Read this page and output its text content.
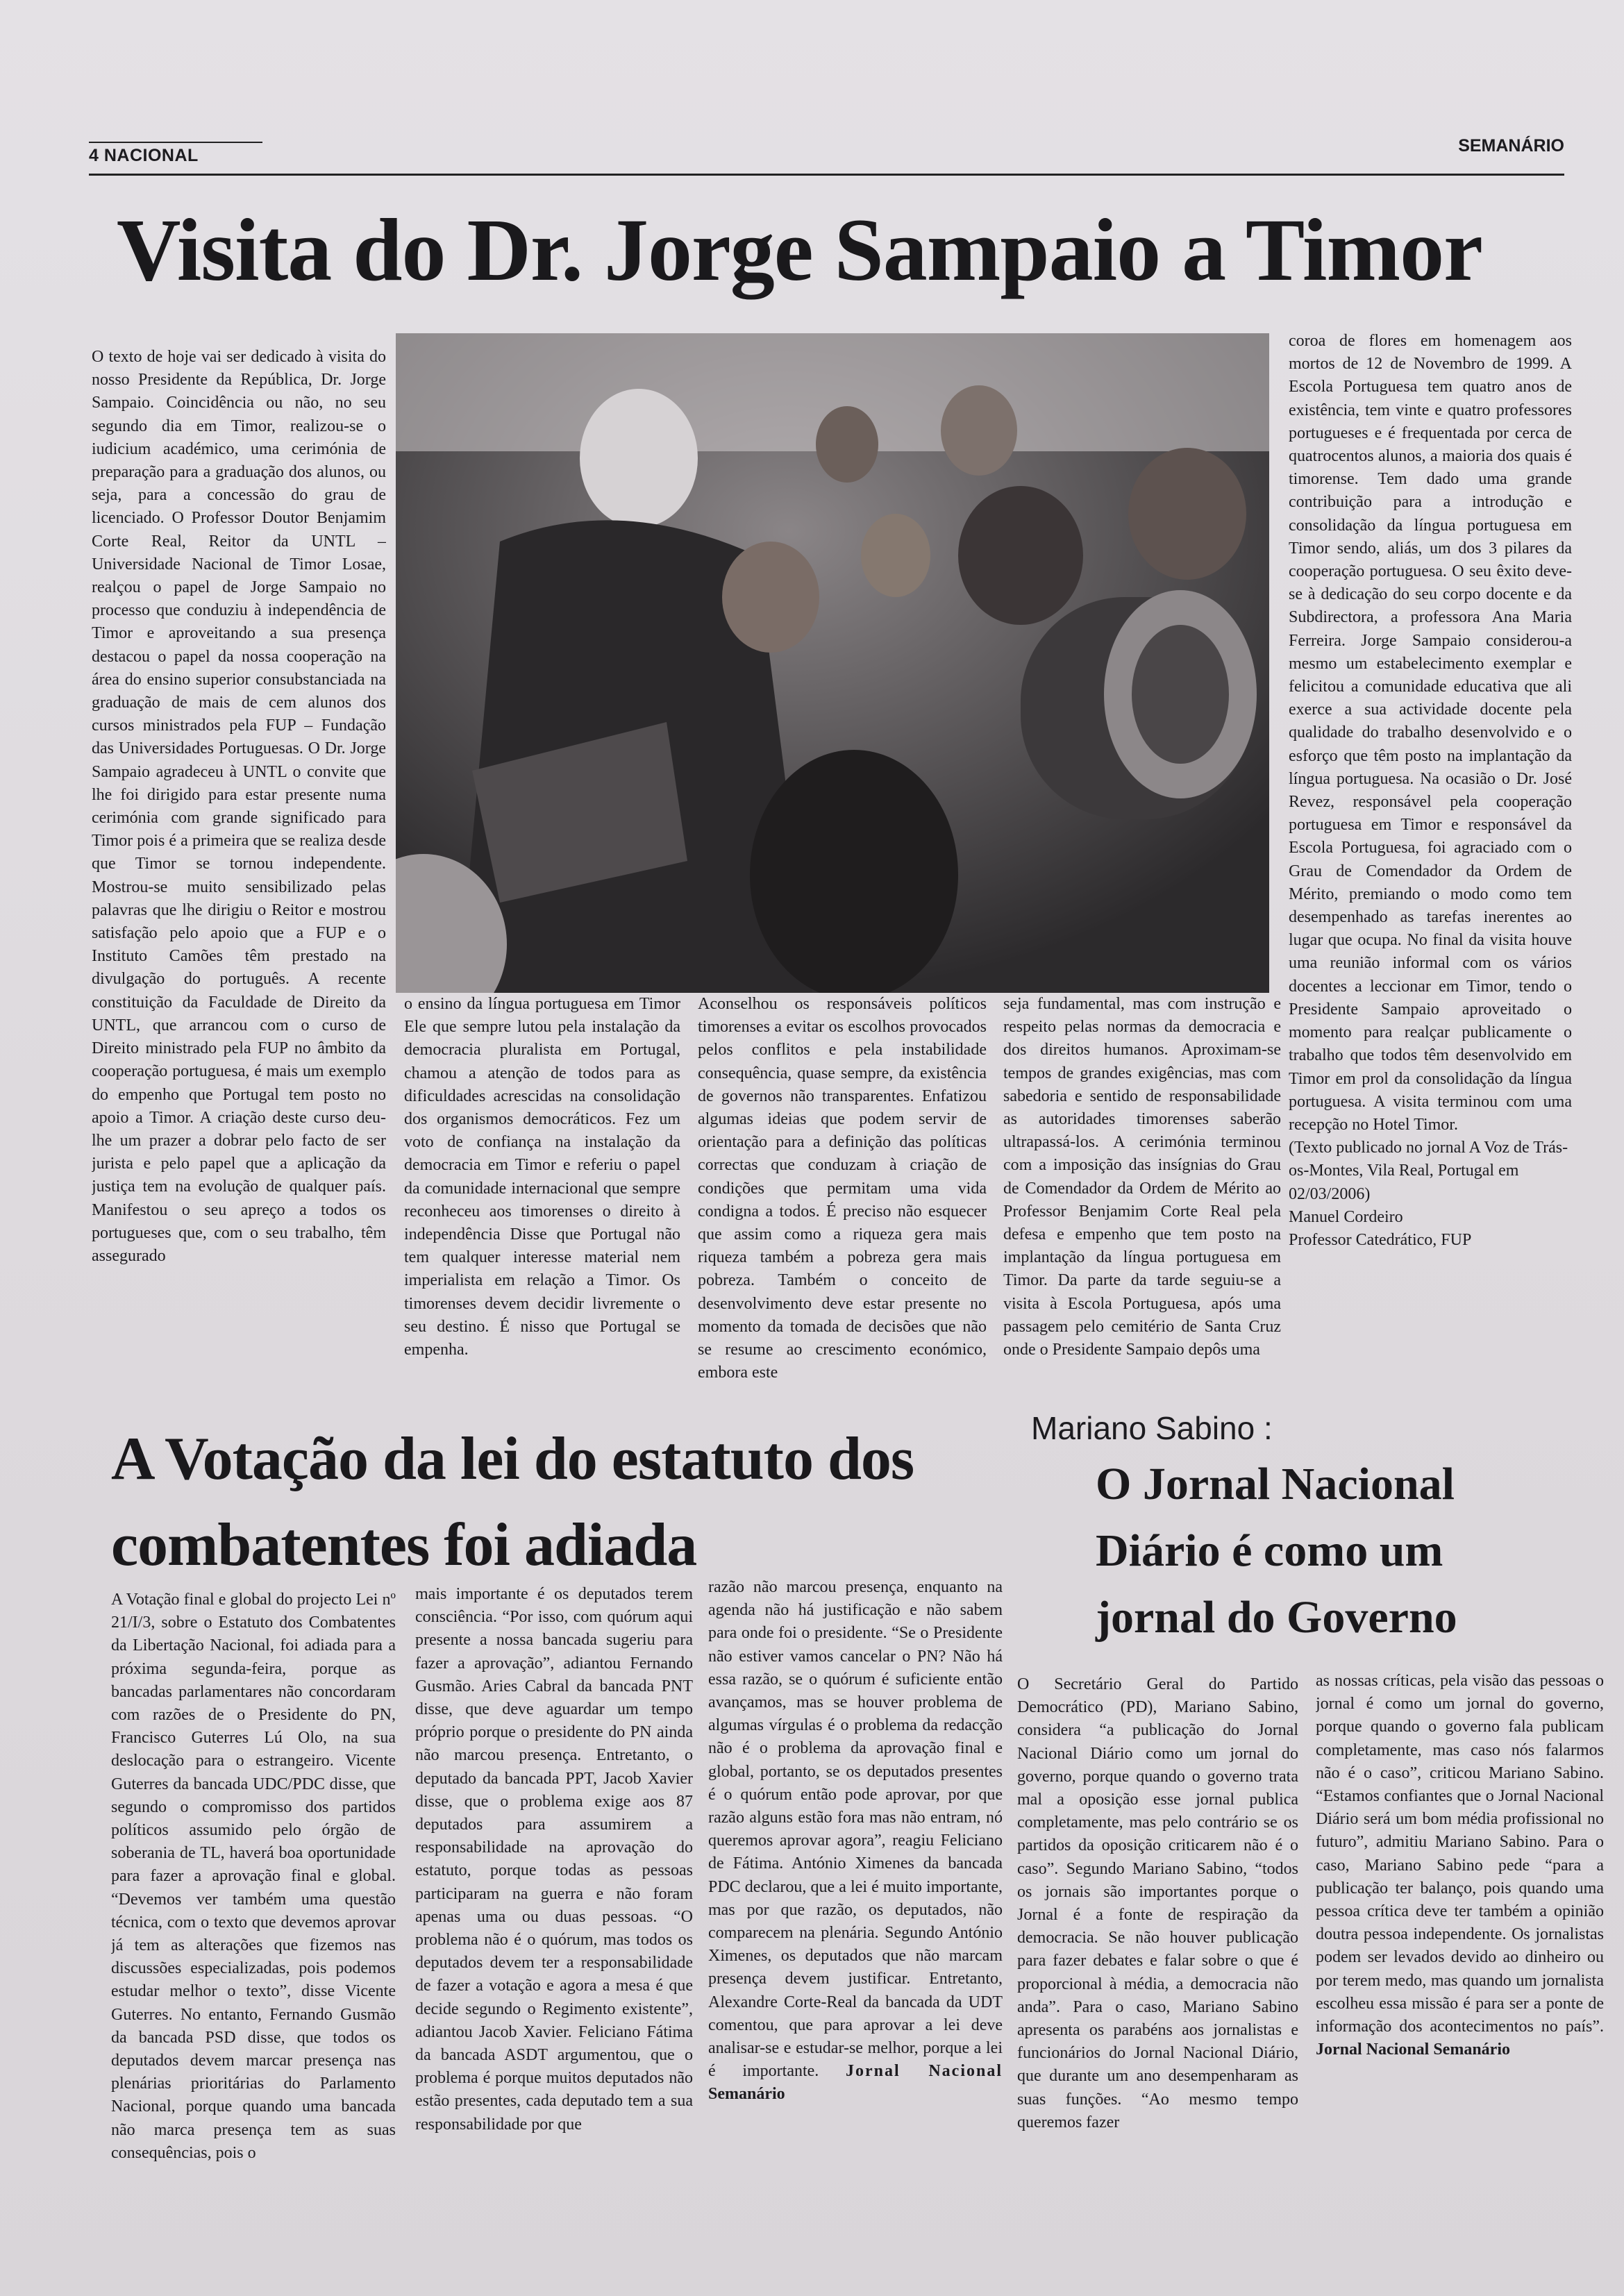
4 NACIONAL	SEMANÁRIO
Visita do Dr. Jorge Sampaio a Timor

O texto de hoje vai ser dedicado à visita do nosso Presidente da República, Dr. Jorge Sampaio. Coincidência ou não, no seu segundo dia em Timor, realizou-se o iudicium académico, uma cerimónia de preparação para a graduação dos alunos, ou seja, para a concessão do grau de licenciado. O Professor Doutor Benjamim Corte Real, Reitor da UNTL – Universidade Nacional de Timor Losae, realçou o papel de Jorge Sampaio no processo que conduziu à independência de Timor e aproveitando a sua presença destacou o papel da nossa cooperação na área do ensino superior consubstanciada na graduação de mais de cem alunos dos cursos ministrados pela FUP – Fundação das Universidades Portuguesas. O Dr. Jorge Sampaio agradeceu à UNTL o convite que lhe foi dirigido para estar presente numa cerimónia com grande significado para Timor pois é a primeira que se realiza desde que Timor se tornou independente. Mostrou-se muito sensibilizado pelas palavras que lhe dirigiu o Reitor e mostrou satisfação pelo apoio que a FUP e o Instituto Camões têm prestado na divulgação do português. A recente constituição da Faculdade de Direito da UNTL, que arrancou com o curso de Direito ministrado pela FUP no âmbito da cooperação portuguesa, é mais um exemplo do empenho que Portugal tem posto no apoio a Timor. A criação deste curso deu-lhe um prazer a dobrar pelo facto de ser jurista e pelo papel que a aplicação da justiça tem na evolução de qualquer país. Manifestou o seu apreço a todos os portugueses que, com o seu trabalho, têm assegurado

o ensino da língua portuguesa em Timor Ele que sempre lutou pela instalação da democracia pluralista em Portugal, chamou a atenção de todos para as dificuldades acrescidas na consolidação dos organismos democráticos. Fez um voto de confiança na instalação da democracia em Timor e referiu o papel da comunidade internacional que sempre reconheceu aos timorenses o direito à independência Disse que Portugal não tem qualquer interesse material nem imperialista em relação a Timor. Os timorenses devem decidir livremente o seu destino. É nisso que Portugal se empenha.

Aconselhou os responsáveis políticos timorenses a evitar os escolhos provocados pelos conflitos e pela instabilidade consequência, quase sempre, da existência de governos não transparentes. Enfatizou algumas ideias que podem servir de orientação para a definição das políticas correctas que conduzam à criação de condições que permitam uma vida condigna a todos. É preciso não esquecer que assim como a riqueza gera mais riqueza também a pobreza gera mais pobreza. Também o conceito de desenvolvimento deve estar presente no momento da tomada de decisões que não se resume ao crescimento económico, embora este

seja fundamental, mas com instrução e respeito pelas normas da democracia e dos direitos humanos. Aproximam-se tempos de grandes exigências, mas com sabedoria e sentido de responsabilidade as autoridades timorenses saberão ultrapassá-los. A cerimónia terminou com a imposição das insígnias do Grau de Comendador da Ordem de Mérito ao Professor Benjamim Corte Real pela defesa e empenho que tem posto na implantação da língua portuguesa em Timor. Da parte da tarde seguiu-se a visita à Escola Portuguesa, após uma passagem pelo cemitério de Santa Cruz onde o Presidente Sampaio depôs uma

coroa de flores em homenagem aos mortos de 12 de Novembro de 1999. A Escola Portuguesa tem quatro anos de existência, tem vinte e quatro professores portugueses e é frequentada por cerca de quatrocentos alunos, a maioria dos quais é timorense. Tem dado uma grande contribuição para a introdução e consolidação da língua portuguesa em Timor sendo, aliás, um dos 3 pilares da cooperação portuguesa. O seu êxito deve-se à dedicação do seu corpo docente e da Subdirectora, a professora Ana Maria Ferreira. Jorge Sampaio considerou-a mesmo um estabelecimento exemplar e felicitou a comunidade educativa que ali exerce a sua actividade docente pela qualidade do trabalho desenvolvido e o esforço que têm posto na implantação da língua portuguesa. Na ocasião o Dr. José Revez, responsável pela cooperação portuguesa em Timor e responsável da Escola Portuguesa, foi agraciado com o Grau de Comendador da Ordem de Mérito, premiando o modo como tem desempenhado as tarefas inerentes ao lugar que ocupa. No final da visita houve uma reunião informal com os vários docentes a leccionar em Timor, tendo o Presidente Sampaio aproveitado o momento para realçar publicamente o trabalho que todos têm desenvolvido em Timor em prol da consolidação da língua portuguesa. A visita terminou com uma recepção no Hotel Timor.

(Texto publicado no jornal A Voz de Trás-os-Montes, Vila Real, Portugal em 02/03/2006)

Manuel Cordeiro

Professor Catedrático, FUP

A Votação da lei do estatuto dos combatentes foi adiada

A Votação final e global do projecto Lei nº 21/I/3, sobre o Estatuto dos Combatentes da Libertação Nacional, foi adiada para a próxima segunda-feira, porque as bancadas parlamentares não concordaram com razões de o Presidente do PN, Francisco Guterres Lú Olo, na sua deslocação para o estrangeiro. Vicente Guterres da bancada UDC/PDC disse, que segundo o compromisso dos partidos políticos assumido pelo órgão de soberania de TL, haverá boa oportunidade para fazer a aprovação final e global. “Devemos ver também uma questão técnica, com o texto que devemos aprovar já tem as alterações que fizemos nas discussões especializadas, pois podemos estudar melhor o texto”, disse Vicente Guterres. No entanto, Fernando Gusmão da bancada PSD disse, que todos os deputados devem marcar presença nas plenárias prioritárias do Parlamento Nacional, porque quando uma bancada não marca presença tem as suas consequências, pois o

mais importante é os deputados terem consciência. “Por isso, com quórum aqui presente a nossa bancada sugeriu para fazer a aprovação”, adiantou Fernando Gusmão. Aries Cabral da bancada PNT disse, que deve aguardar um tempo próprio porque o presidente do PN ainda não marcou presença. Entretanto, o deputado da bancada PPT, Jacob Xavier disse, que o problema exige aos 87 deputados para assumirem a responsabilidade na aprovação do estatuto, porque todas as pessoas participaram na guerra e não foram apenas uma ou duas pessoas. “O problema não é o quórum, mas todos os deputados devem ter a responsabilidade de fazer a votação e agora a mesa é que decide segundo o Regimento existente”, adiantou Jacob Xavier. Feliciano Fátima da bancada ASDT argumentou, que o problema é porque muitos deputados não estão presentes, cada deputado tem a sua responsabilidade por que

razão não marcou presença, enquanto na agenda não há justificação e não sabem para onde foi o presidente. “Se o Presidente não estiver vamos cancelar o PN? Não há essa razão, se o quórum é suficiente então avançamos, mas se houver problema de algumas vírgulas é o problema da redacção não é o problema da aprovação final e global, portanto, se os deputados presentes é o quórum então pode aprovar, por que razão alguns estão fora mas não entram, nó queremos aprovar agora”, reagiu Feliciano de Fátima. António Ximenes da bancada PDC declarou, que a lei é muito importante, mas por que razão, os deputados, não comparecem na plenária. Segundo António Ximenes, os deputados que não marcam presença devem justificar. Entretanto, Alexandre Corte-Real da bancada da UDT comentou, que para aprovar a lei deve analisar-se e estudar-se melhor, porque a lei é importante. Jornal Nacional Semanário

Mariano Sabino :
O Jornal Nacional Diário é como um jornal do Governo

O Secretário Geral do Partido Democrático (PD), Mariano Sabino, considera “a publicação do Jornal Nacional Diário como um jornal do governo, porque quando o governo trata mal a oposição esse jornal publica completamente, mas pelo contrário se os partidos da oposição criticarem não é o caso”. Segundo Mariano Sabino, “todos os jornais são importantes porque o Jornal é a fonte de respiração da democracia. Se não houver publicação para fazer debates e falar sobre o que é proporcional à média, a democracia não anda”. Para o caso, Mariano Sabino apresenta os parabéns aos jornalistas e funcionários do Jornal Nacional Diário, que durante um ano desempenharam as suas funções. “Ao mesmo tempo queremos fazer

as nossas críticas, pela visão das pessoas o jornal é como um jornal do governo, porque quando o governo fala publicam completamente, mas caso nós falarmos não é o caso”, criticou Mariano Sabino. “Estamos confiantes que o Jornal Nacional Diário será um bom média profissional no futuro”, admitiu Mariano Sabino. Para o caso, Mariano Sabino pede “para a publicação ter balanço, pois quando uma pessoa crítica deve ter também a opinião doutra pessoa independente. Os jornalistas podem ser levados devido ao dinheiro ou por terem medo, mas quando um jornalista escolheu essa missão é para ser a ponte de informação dos acontecimentos no país”. Jornal Nacional Semanário
